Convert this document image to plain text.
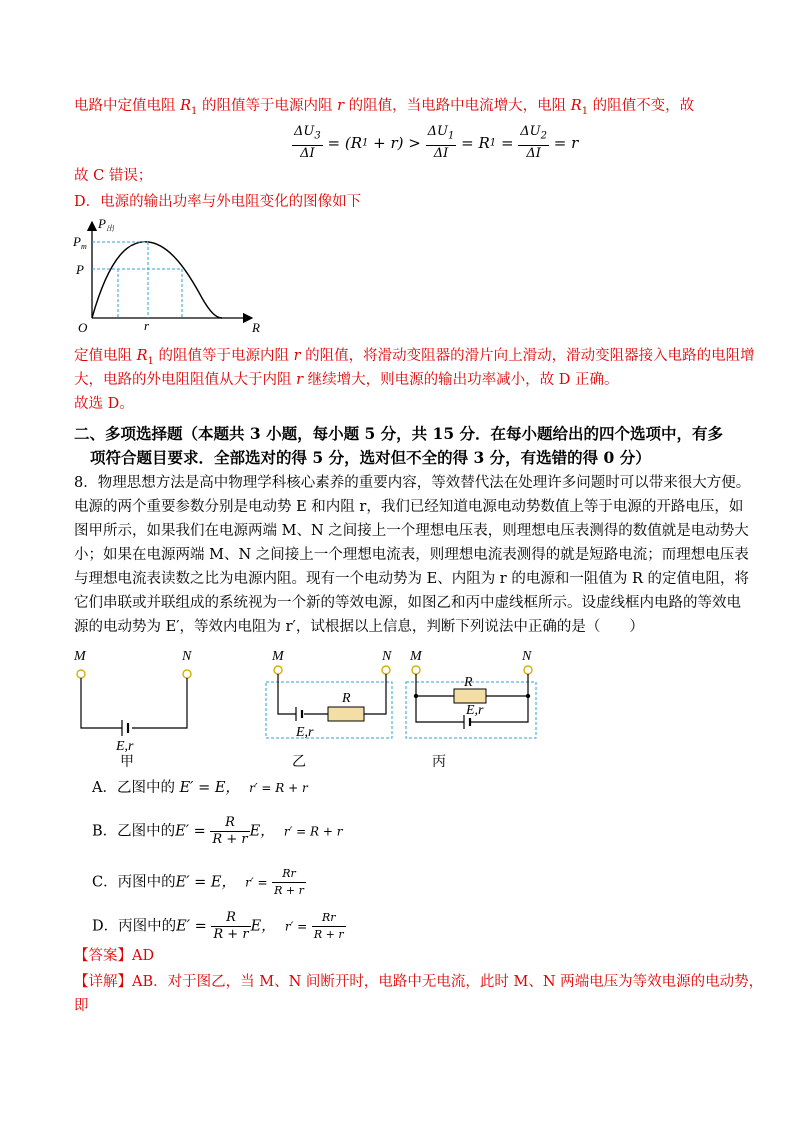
电路中定值电阻 $R_1$ 的阻值等于电源内阻 r 的阻值，当电路中电流增大，电阻 $R_1$ 的阻值不变，故
$\frac{\Delta U_3}{\Delta I} = (R1 + r) > \frac{\Delta U_1}{\Delta I} = R1 = \frac{\Delta U_2}{\Delta I} = r$
故 C 错误；
D．电源的输出功率与外电阻变化的图像如下
$P_出$
$P_m$
P
O	r	R
定值电阻 $R_1$ 的阻值等于电源内阻 r 的阻值，将滑动变阻器的滑片向上滑动，滑动变阻器接入电路的电阻增
大，电路的外电阻阻值从大于内阻 r 继续增大，则电源的输出功率减小，故 D 正确。
故选 D。
二、多项选择题（本题共 3 小题，每小题 5 分，共 15 分．在每小题给出的四个选项中，有多
项符合题目要求．全部选对的得 5 分，选对但不全的得 3 分，有选错的得 0 分）
8．物理思想方法是高中物理学科核心素养的重要内容，等效替代法在处理许多问题时可以带来很大方便。
电源的两个重要参数分别是电动势 E 和内阻 r，我们已经知道电源电动势数值上等于电源的开路电压，如
图甲所示，如果我们在电源两端 M、N 之间接上一个理想电压表，则理想电压表测得的数值就是电动势大
小；如果在电源两端 M、N 之间接上一个理想电流表，则理想电流表测得的就是短路电流；而理想电压表
与理想电流表读数之比为电源内阻。现有一个电动势为 E、内阻为 r 的电源和一阻值为 R 的定值电阻，将
它们串联或并联组成的系统视为一个新的等效电源，如图乙和丙中虚线框所示。设虚线框内电路的等效电
源的电动势为 E′，等效内电阻为 r′，试根据以上信息，判断下列说法中正确的是（　　）
M	N
E,r
M	N
R
E,r
M	N
R
E,r
甲	乙	丙
A．乙图中的 E′ = E， r′ = R + r
B．乙图中的$E' = \frac{R}{R + r}$ E， r′ = R + r
C．丙图中的E′ = E， $r' = \frac{Rr}{R + r}$
D．丙图中的$E' = \frac{R}{R + r}$ E， $r' = \frac{Rr}{R + r}$
【答案】AD
【详解】AB．对于图乙，当 M、N 间断开时，电路中无电流，此时 M、N 两端电压为等效电源的电动势，
即
